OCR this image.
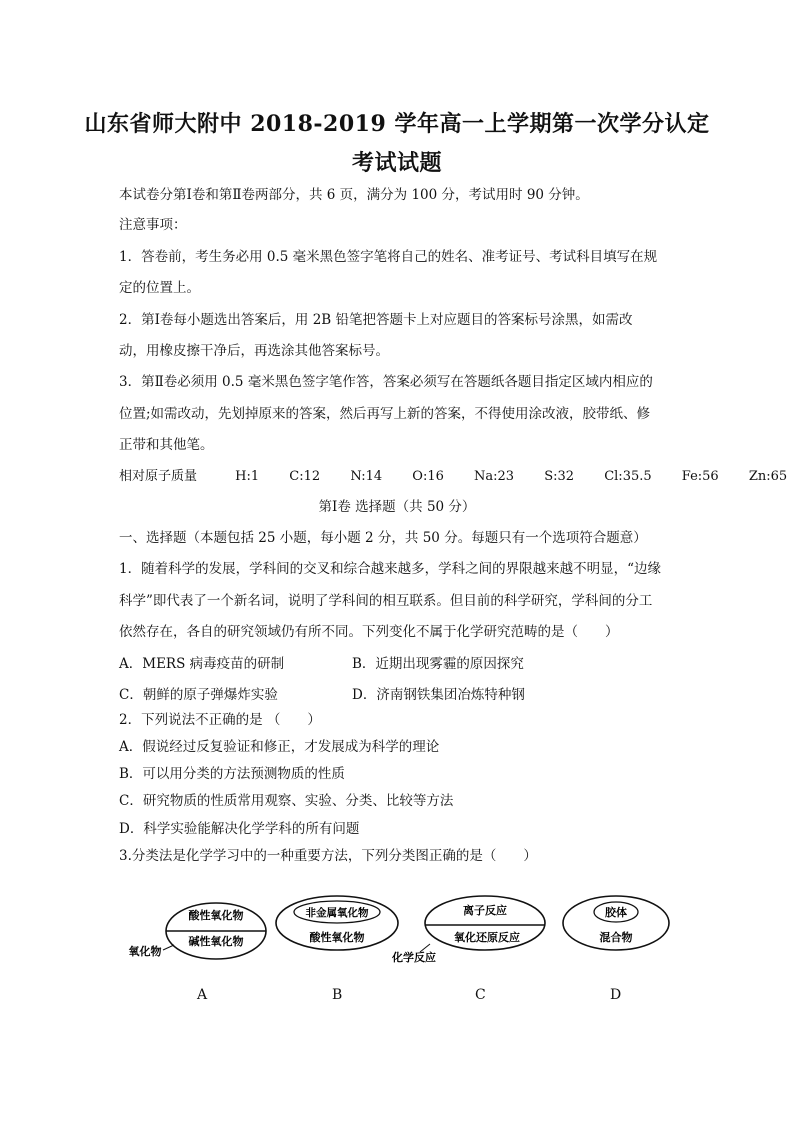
山东省师大附中 2018-2019 学年高一上学期第一次学分认定
考试试题
本试卷分第Ⅰ卷和第Ⅱ卷两部分，共 6 页，满分为 100 分，考试用时 90 分钟。
注意事项：
1．答卷前，考生务必用 0.5 毫米黑色签字笔将自己的姓名、准考证号、考试科目填写在规
定的位置上。
2．第Ⅰ卷每小题选出答案后，用 2B 铅笔把答题卡上对应题目的答案标号涂黑，如需改
动，用橡皮擦干净后，再选涂其他答案标号。
3．第Ⅱ卷必须用 0.5 毫米黑色签字笔作答，答案必须写在答题纸各题目指定区域内相应的
位置;如需改动，先划掉原来的答案，然后再写上新的答案，不得使用涂改液，胶带纸、修
正带和其他笔。
相对原子质量	H:1 C:12 N:14 O:16 Na:23 S:32 Cl:35.5 Fe:56 Zn:65
第Ⅰ卷 选择题（共 50 分）
一、选择题（本题包括 25 小题，每小题 2 分，共 50 分。每题只有一个选项符合题意）
1．随着科学的发展，学科间的交叉和综合越来越多，学科之间的界限越来越不明显，“边缘
科学”即代表了一个新名词，说明了学科间的相互联系。但目前的科学研究，学科间的分工
依然存在，各自的研究领域仍有所不同。下列变化不属于化学研究范畴的是（　　）
A．MERS 病毒疫苗的研制	B．近期出现雾霾的原因探究
C．朝鲜的原子弹爆炸实验	D．济南钢铁集团冶炼特种钢
2．下列说法不正确的是 （　　）
A．假说经过反复验证和修正，才发展成为科学的理论
B．可以用分类的方法预测物质的性质
C．研究物质的性质常用观察、实验、分类、比较等方法
D．科学实验能解决化学学科的所有问题
3.分类法是化学学习中的一种重要方法，下列分类图正确的是（　　）
酸性氧化物
碱性氧化物
氧化物
非金属氧化物
酸性氧化物
离子反应
氧化还原反应
化学反应
胶体
混合物
A	B	C	D
